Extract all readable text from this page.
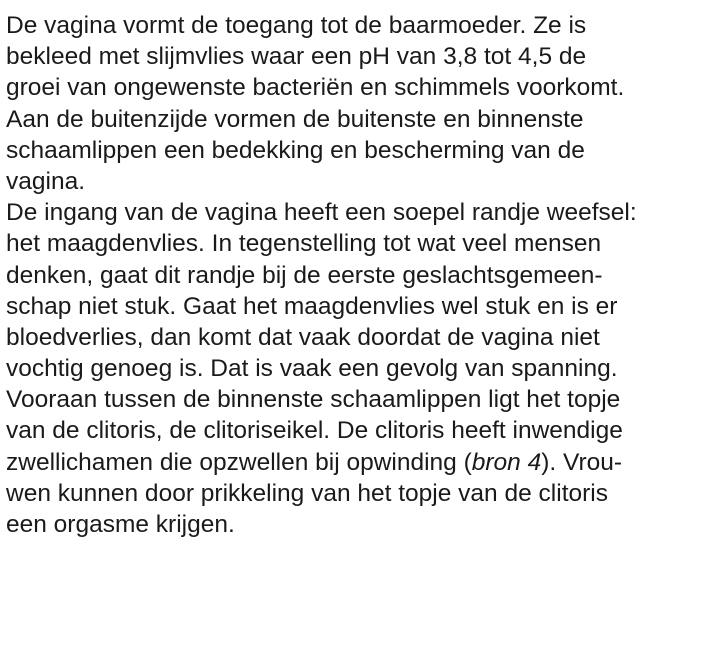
De vagina vormt de toegang tot de baarmoeder. Ze is
bekleed met slijmvlies waar een pH van 3,8 tot 4,5 de
groei van ongewenste bacteriën en schimmels voorkomt.
Aan de buitenzijde vormen de buitenste en binnenste
schaamlippen een bedekking en bescherming van de
vagina.
De ingang van de vagina heeft een soepel randje weefsel:
het maagdenvlies. In tegenstelling tot wat veel mensen
denken, gaat dit randje bij de eerste geslachtsgemeen-
schap niet stuk. Gaat het maagdenvlies wel stuk en is er
bloedverlies, dan komt dat vaak doordat de vagina niet
vochtig genoeg is. Dat is vaak een gevolg van spanning.
Vooraan tussen de binnenste schaamlippen ligt het topje
van de clitoris, de clitoriseikel. De clitoris heeft inwendige
zwellichamen die opzwellen bij opwinding (bron 4). Vrou-
wen kunnen door prikkeling van het topje van de clitoris
een orgasme krijgen.
